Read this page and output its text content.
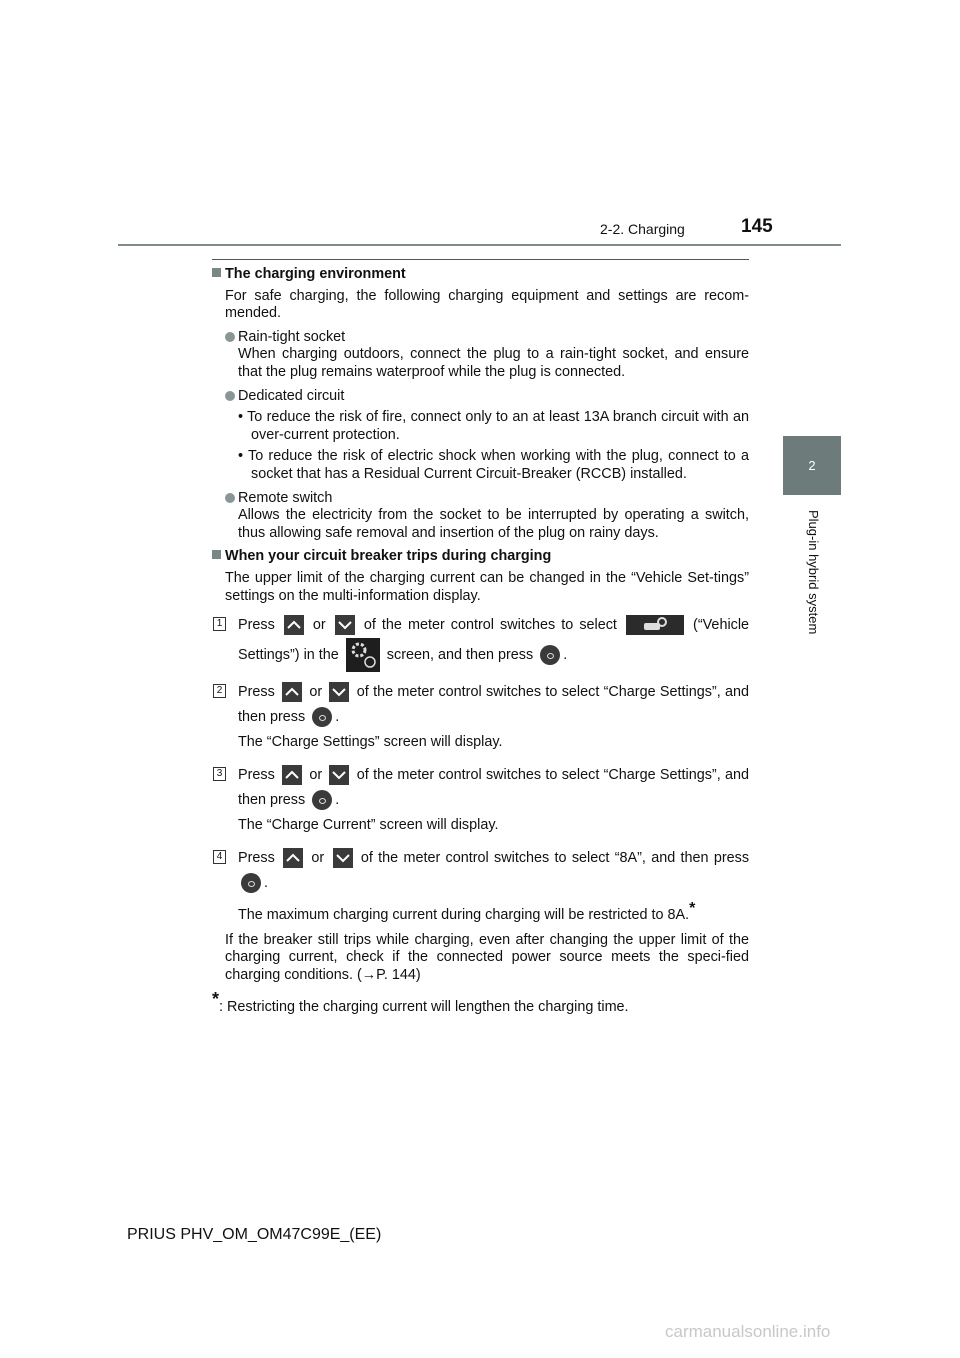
2-2. Charging	145
2
Plug-in hybrid system
The charging environment
For safe charging, the following charging equipment and settings are recom-mended.
Rain-tight socket
When charging outdoors, connect the plug to a rain-tight socket, and ensure that the plug remains waterproof while the plug is connected.
Dedicated circuit
• To reduce the risk of fire, connect only to an at least 13A branch circuit with an over-current protection.
• To reduce the risk of electric shock when working with the plug, connect to a socket that has a Residual Current Circuit-Breaker (RCCB) installed.
Remote switch
Allows the electricity from the socket to be interrupted by operating a switch, thus allowing safe removal and insertion of the plug on rainy days.
When your circuit breaker trips during charging
The upper limit of the charging current can be changed in the “Vehicle Set-tings” settings on the multi-information display.
1 Press	or	of the meter control switches to select	(“Vehicle Settings”) in the	screen, and then press .
2 Press or of the meter control switches to select “Charge Settings”, and then press .
The “Charge Settings” screen will display.
3 Press or of the meter control switches to select “Charge Settings”, and then press .
The “Charge Current” screen will display.
4 Press	or	of the meter control switches to select “8A”, and then press .
The maximum charging current during charging will be restricted to 8A.*
If the breaker still trips while charging, even after changing the upper limit of the charging current, check if the connected power source meets the speci-fied charging conditions. (→P. 144)
*: Restricting the charging current will lengthen the charging time.
PRIUS PHV_OM_OM47C99E_(EE)
carmanualsonline.info
